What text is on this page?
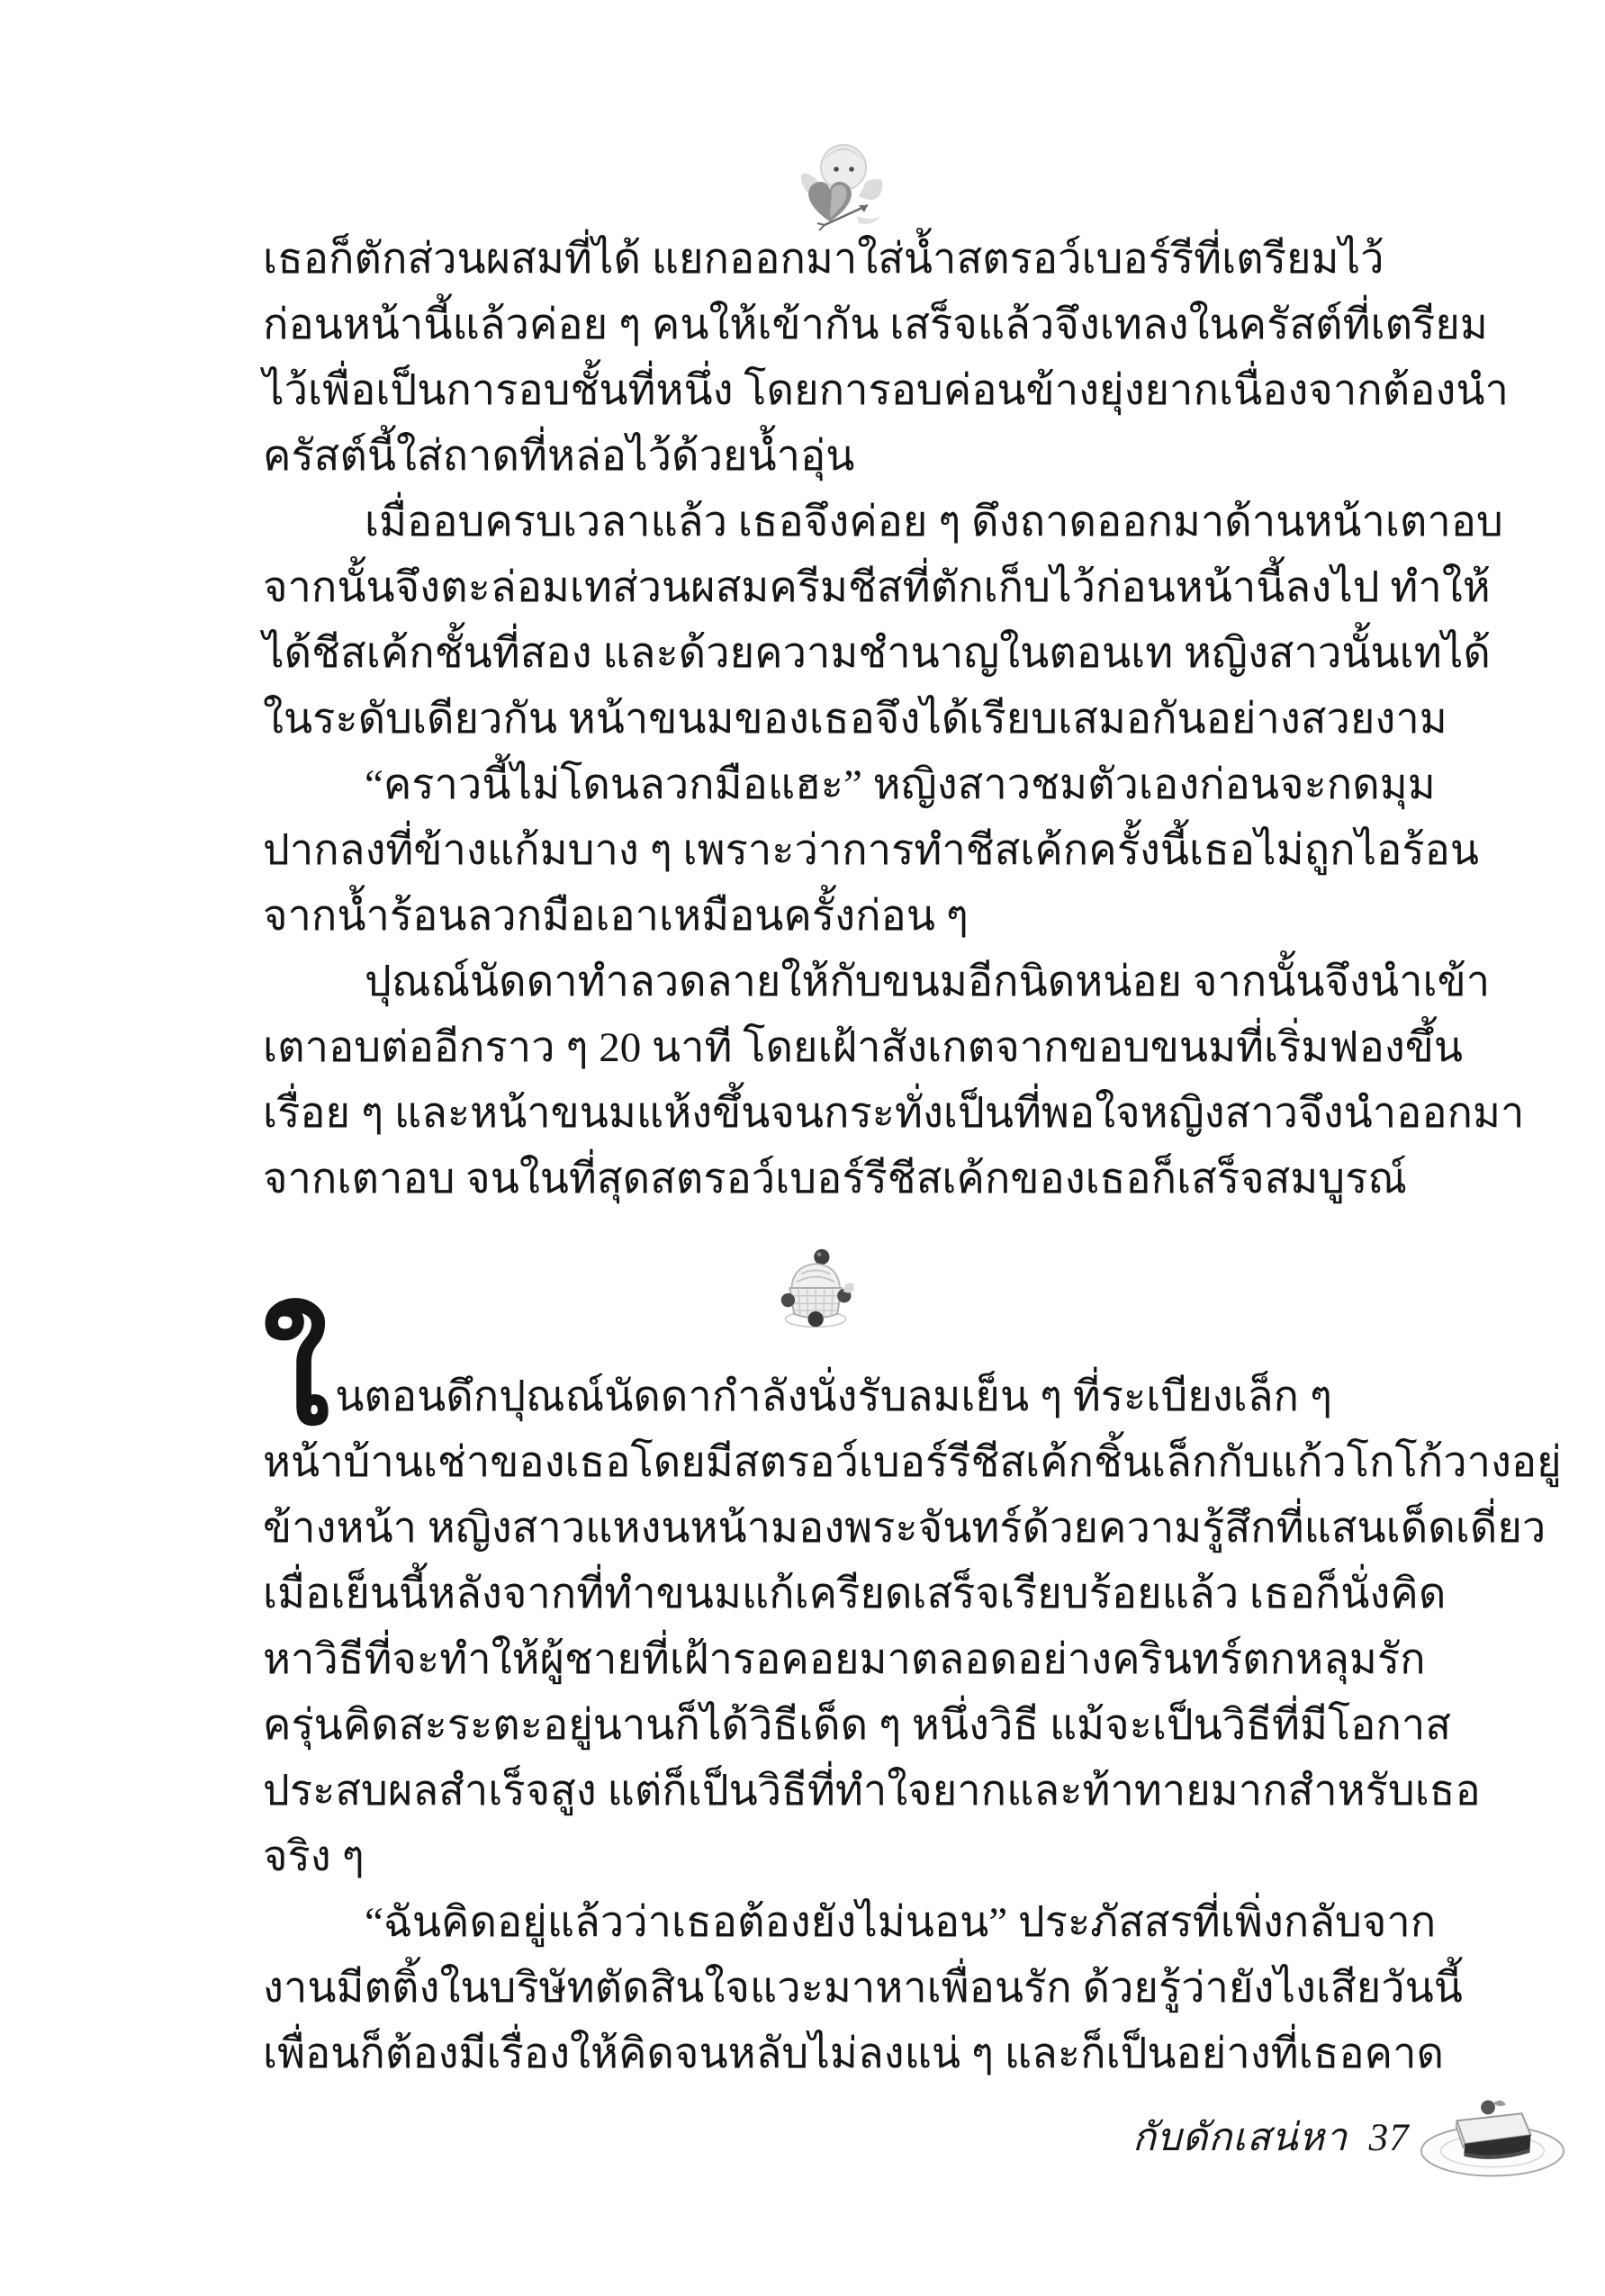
เธอก็ตักส่วนผสมที่ได้ แยกออกมาใส่น้ำสตรอว์เบอร์รีที่เตรียมไว้
ก่อนหน้านี้แล้วค่อย ๆ คนให้เข้ากัน เสร็จแล้วจึงเทลงในครัสต์ที่เตรียม
ไว้เพื่อเป็นการอบชั้นที่หนึ่ง โดยการอบค่อนข้างยุ่งยากเนื่องจากต้องนำ
ครัสต์นี้ใส่ถาดที่หล่อไว้ด้วยน้ำอุ่น
เมื่ออบครบเวลาแล้ว เธอจึงค่อย ๆ ดึงถาดออกมาด้านหน้าเตาอบ
จากนั้นจึงตะล่อมเทส่วนผสมครีมชีสที่ตักเก็บไว้ก่อนหน้านี้ลงไป ทำให้
ได้ชีสเค้กชั้นที่สอง และด้วยความชำนาญในตอนเท หญิงสาวนั้นเทได้
ในระดับเดียวกัน หน้าขนมของเธอจึงได้เรียบเสมอกันอย่างสวยงาม
“คราวนี้ไม่โดนลวกมือแฮะ” หญิงสาวชมตัวเองก่อนจะกดมุม
ปากลงที่ข้างแก้มบาง ๆ เพราะว่าการทำชีสเค้กครั้งนี้เธอไม่ถูกไอร้อน
จากน้ำร้อนลวกมือเอาเหมือนครั้งก่อน ๆ
ปุณณ์นัดดาทำลวดลายให้กับขนมอีกนิดหน่อย จากนั้นจึงนำเข้า
เตาอบต่ออีกราว ๆ 20 นาที โดยเฝ้าสังเกตจากขอบขนมที่เริ่มฟองขึ้น
เรื่อย ๆ และหน้าขนมแห้งขึ้นจนกระทั่งเป็นที่พอใจหญิงสาวจึงนำออกมา
จากเตาอบ จนในที่สุดสตรอว์เบอร์รีชีสเค้กของเธอก็เสร็จสมบูรณ์
ในตอนดึกปุณณ์นัดดากำลังนั่งรับลมเย็น ๆ ที่ระเบียงเล็ก ๆ
หน้าบ้านเช่าของเธอโดยมีสตรอว์เบอร์รีชีสเค้กชิ้นเล็กกับแก้วโกโก้วางอยู่
ข้างหน้า หญิงสาวแหงนหน้ามองพระจันทร์ด้วยความรู้สึกที่แสนเด็ดเดี่ยว
เมื่อเย็นนี้หลังจากที่ทำขนมแก้เครียดเสร็จเรียบร้อยแล้ว เธอก็นั่งคิด
หาวิธีที่จะทำให้ผู้ชายที่เฝ้ารอคอยมาตลอดอย่างครินทร์ตกหลุมรัก
ครุ่นคิดสะระตะอยู่นานก็ได้วิธีเด็ด ๆ หนึ่งวิธี แม้จะเป็นวิธีที่มีโอกาส
ประสบผลสำเร็จสูง แต่ก็เป็นวิธีที่ทำใจยากและท้าทายมากสำหรับเธอ
จริง ๆ
“ฉันคิดอยู่แล้วว่าเธอต้องยังไม่นอน” ประภัสสรที่เพิ่งกลับจาก
งานมีตติ้งในบริษัทตัดสินใจแวะมาหาเพื่อนรัก ด้วยรู้ว่ายังไงเสียวันนี้
เพื่อนก็ต้องมีเรื่องให้คิดจนหลับไม่ลงแน่ ๆ และก็เป็นอย่างที่เธอคาด
กับดักเสน่หา 37
